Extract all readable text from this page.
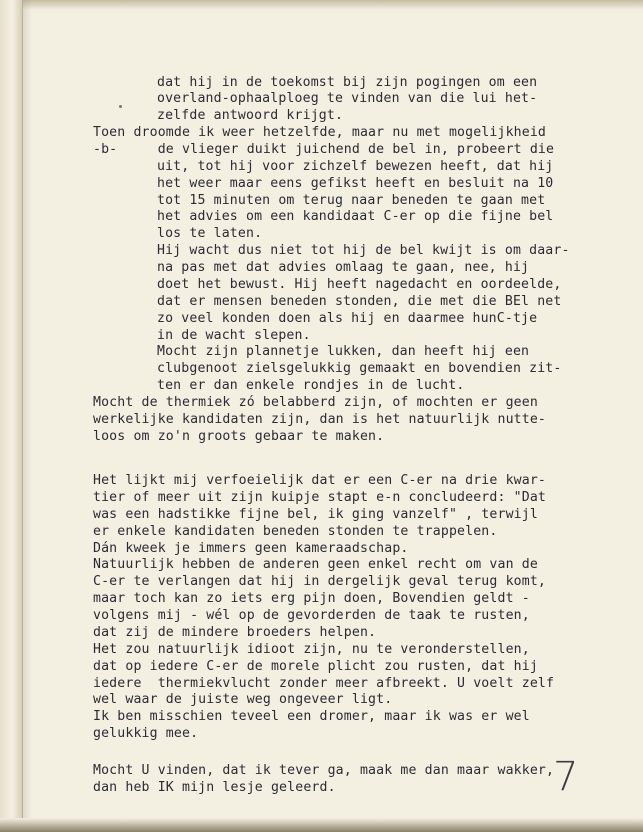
dat hij in de toekomst bij zijn pogingen om een
overland-ophaalploeg te vinden van die lui het-
zelfde antwoord krijgt.
Toen droomde ik weer hetzelfde, maar nu met mogelijkheid
-b-     de vlieger duikt juichend de bel in, probeert die
uit, tot hij voor zichzelf bewezen heeft, dat hij
het weer maar eens gefikst heeft en besluit na 10
tot 15 minuten om terug naar beneden te gaan met
het advies om een kandidaat C-er op die fijne bel
los te laten.
Hij wacht dus niet tot hij de bel kwijt is om daar-
na pas met dat advies omlaag te gaan, nee, hij
doet het bewust. Hij heeft nagedacht en oordeelde,
dat er mensen beneden stonden, die met die BEl net
zo veel konden doen als hij en daarmee hunC-tje
in de wacht slepen.
Mocht zijn plannetje lukken, dan heeft hij een
clubgenoot zielsgelukkig gemaakt en bovendien zit-
ten er dan enkele rondjes in de lucht.
Mocht de thermiek zó belabberd zijn, of mochten er geen
werkelijke kandidaten zijn, dan is het natuurlijk nutte-
loos om zo'n groots gebaar te maken.
Het lijkt mij verfoeielijk dat er een C-er na drie kwar-
tier of meer uit zijn kuipje stapt e-n concludeerd: "Dat
was een hadstikke fijne bel, ik ging vanzelf" , terwijl
er enkele kandidaten beneden stonden te trappelen.
Dán kweek je immers geen kameraadschap.
Natuurlijk hebben de anderen geen enkel recht om van de
C-er te verlangen dat hij in dergelijk geval terug komt,
maar toch kan zo iets erg pijn doen, Bovendien geldt -
volgens mij - wél op de gevorderden de taak te rusten,
dat zij de mindere broeders helpen.
Het zou natuurlijk idioot zijn, nu te veronderstellen,
dat op iedere C-er de morele plicht zou rusten, dat hij
iedere  thermiekvlucht zonder meer afbreekt. U voelt zelf
wel waar de juiste weg ongeveer ligt.
Ik ben misschien teveel een dromer, maar ik was er wel
gelukkig mee.
Mocht U vinden, dat ik tever ga, maak me dan maar wakker,
dan heb IK mijn lesje geleerd.	7
